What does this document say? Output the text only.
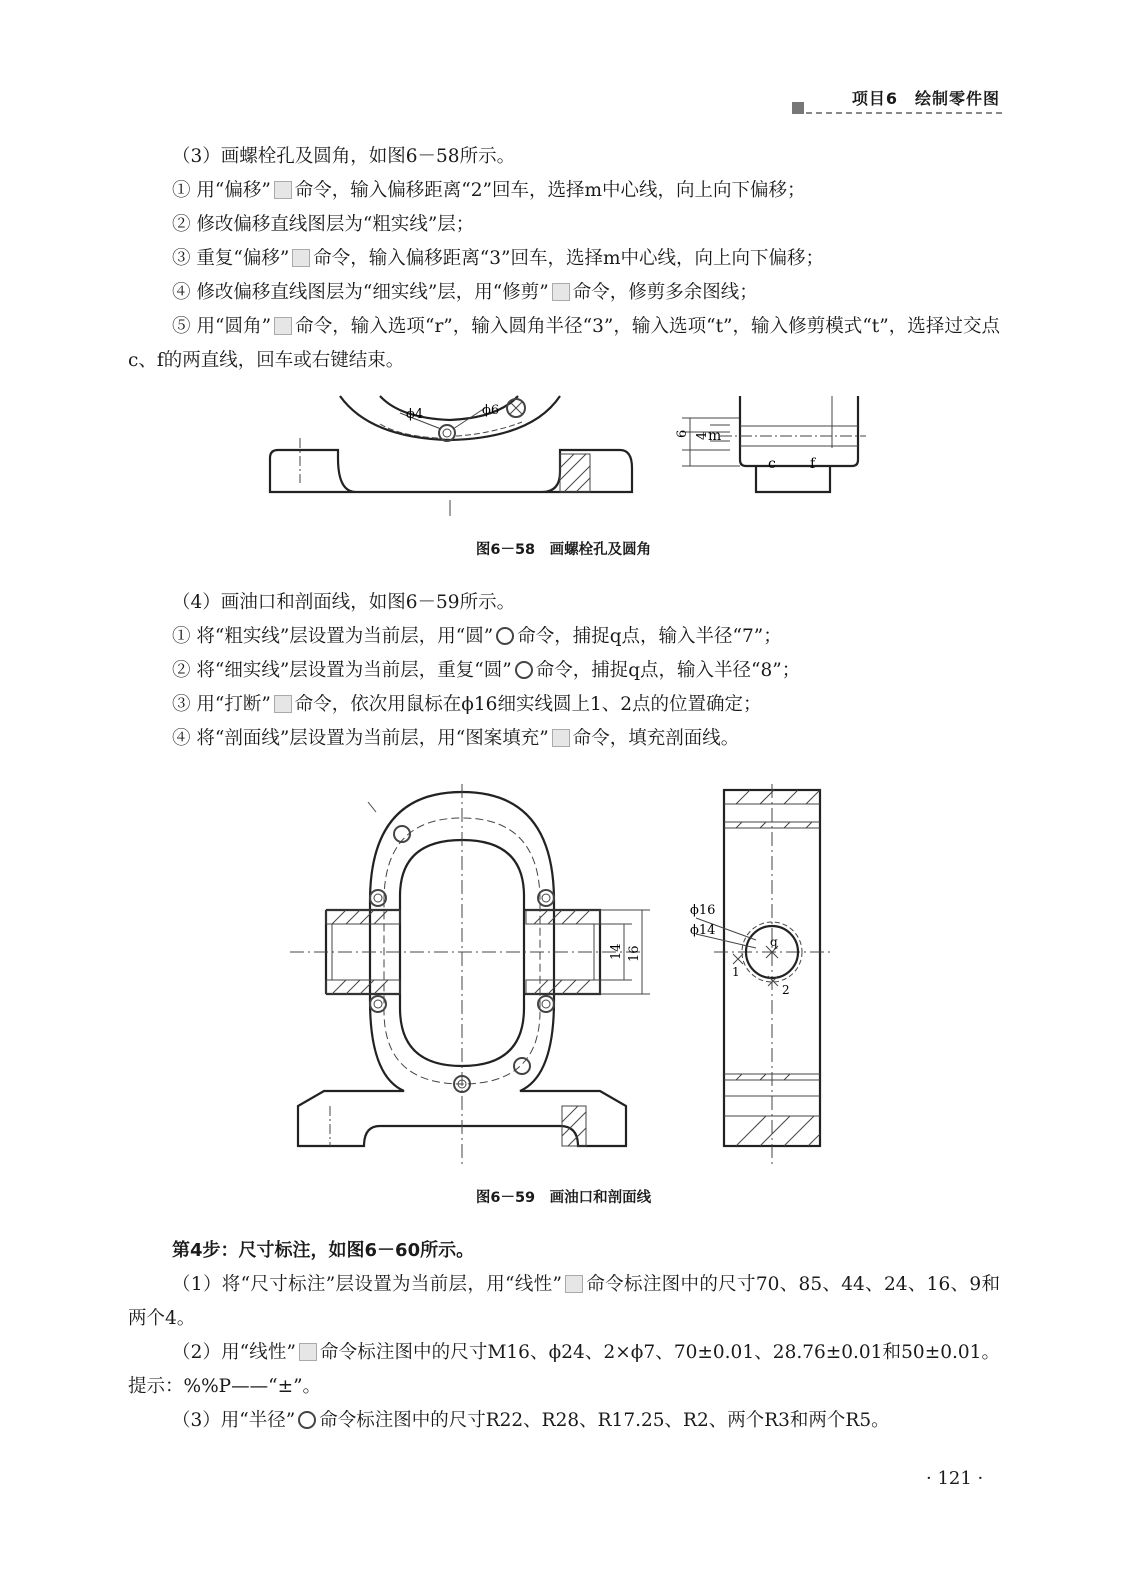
项目6　绘制零件图

（3）画螺栓孔及圆角，如图6－58所示。

① 用“偏移” 命令，输入偏移距离“2”回车，选择m中心线，向上向下偏移；

② 修改偏移直线图层为“粗实线”层；

③ 重复“偏移” 命令，输入偏移距离“3”回车，选择m中心线，向上向下偏移；

④ 修改偏移直线图层为“细实线”层，用“修剪” 命令，修剪多余图线；

⑤ 用“圆角” 命令，输入选项“r”，输入圆角半径“3”，输入选项“t”，输入修剪模式“t”，选择过交点c、f的两直线，回车或右键结束。

ϕ4	ϕ6
6 4
m
c f
图6－58　画螺栓孔及圆角

（4）画油口和剖面线，如图6－59所示。

① 将“粗实线”层设置为当前层，用“圆” 命令，捕捉q点，输入半径“7”；

② 将“细实线”层设置为当前层，重复“圆” 命令，捕捉q点，输入半径“8”；

③ 用“打断” 命令，依次用鼠标在ϕ16细实线圆上1、2点的位置确定；

④ 将“剖面线”层设置为当前层，用“图案填充” 命令，填充剖面线。

14 16
ϕ16
ϕ14
q
1
2
图6－59　画油口和剖面线

第4步：尺寸标注，如图6－60所示。

（1）将“尺寸标注”层设置为当前层，用“线性” 命令标注图中的尺寸70、85、44、24、16、9和两个4。

（2）用“线性” 命令标注图中的尺寸M16、ϕ24、2×ϕ7、70±0.01、28.76±0.01和50±0.01。提示：%%P——“±”。

（3）用“半径” 命令标注图中的尺寸R22、R28、R17.25、R2、两个R3和两个R5。

· 121 ·
